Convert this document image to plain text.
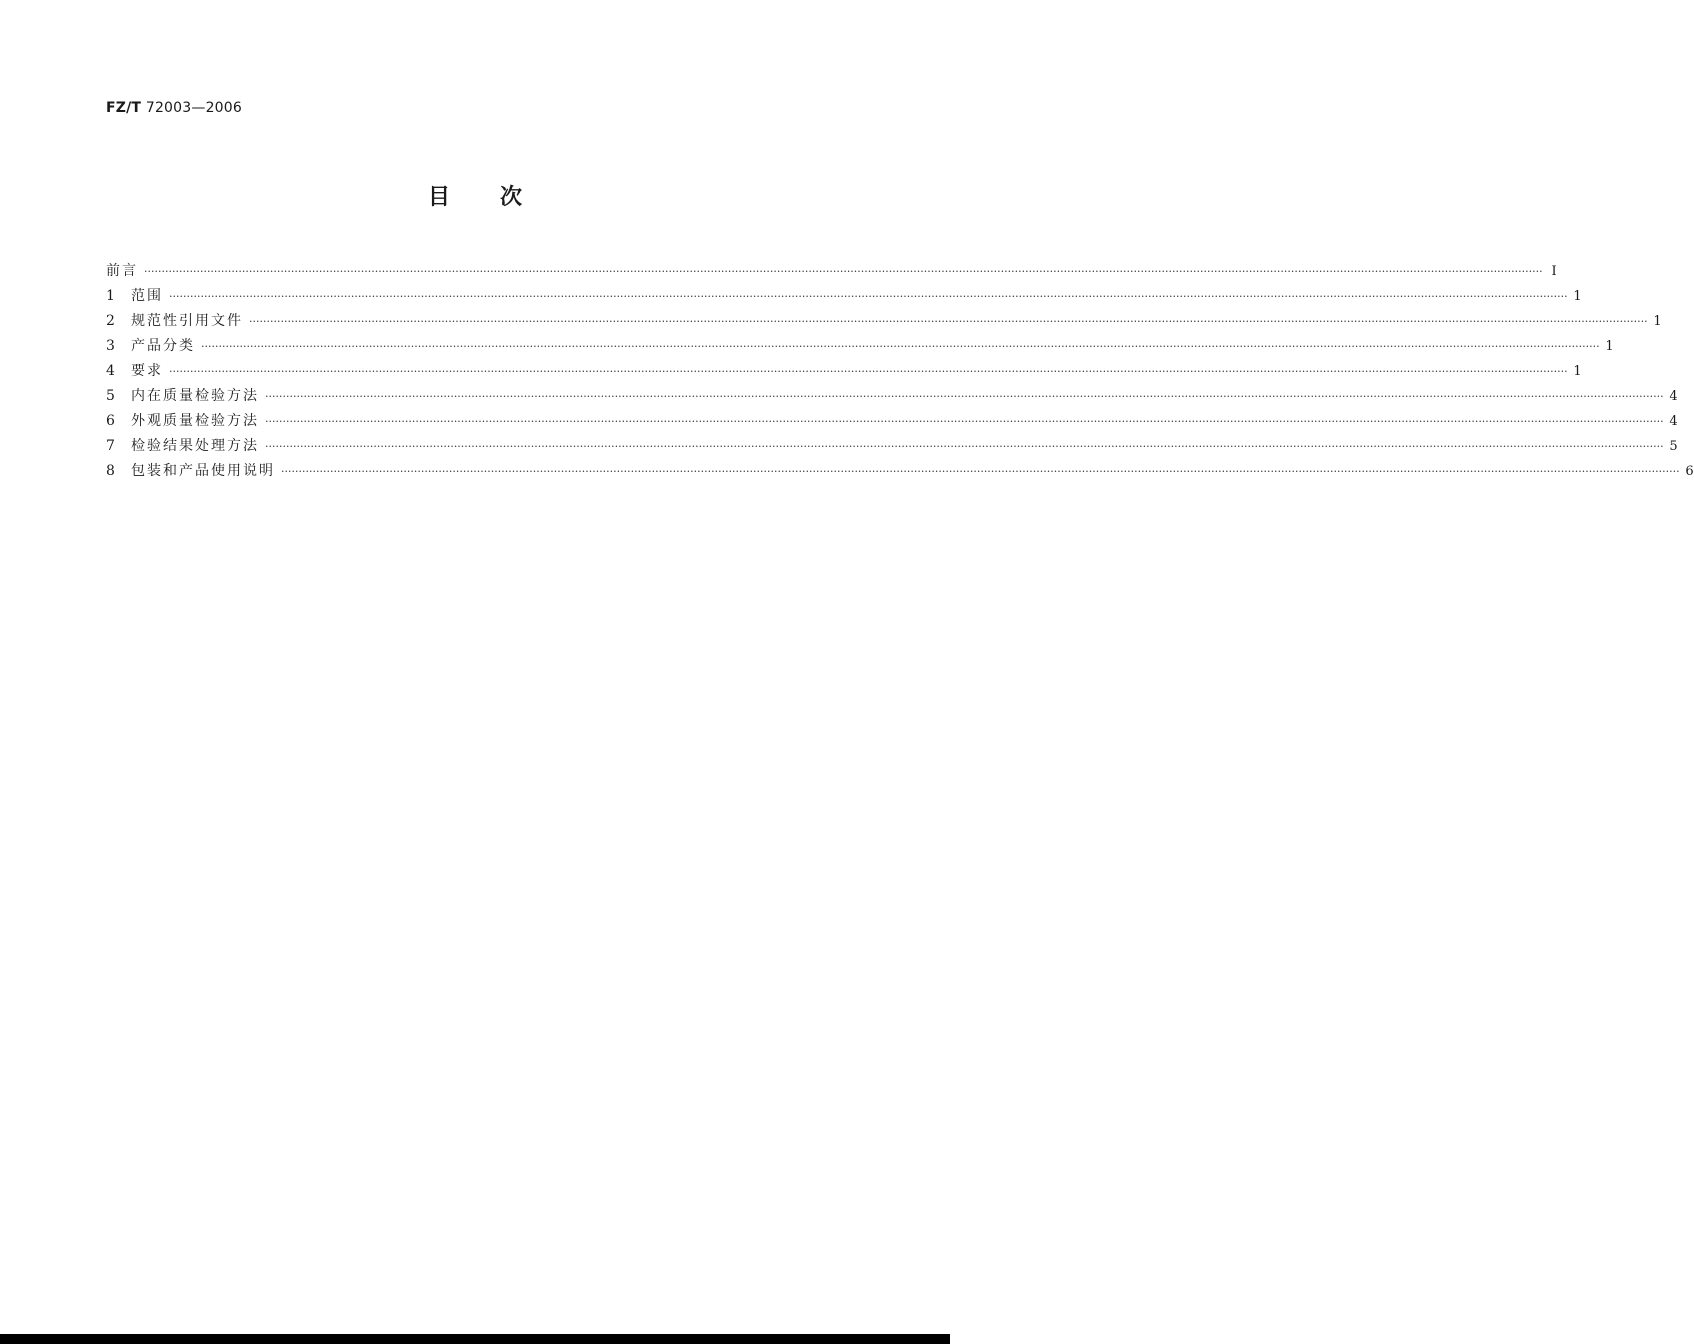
FZ/T 72003—2006
目 次
前言 ················································································································································································································································································································································································································ Ⅰ
1	范围 ················································································································································································································································································································································································································ 1
2	规范性引用文件 ················································································································································································································································································································································································································ 1
3	产品分类 ················································································································································································································································································································································································································ 1
4	要求 ················································································································································································································································································································································································································ 1
5	内在质量检验方法 ················································································································································································································································································································································································································ 4
6	外观质量检验方法 ················································································································································································································································································································································································································ 4
7	检验结果处理方法 ················································································································································································································································································································································································································ 5
8	包装和产品使用说明 ················································································································································································································································································································································································································ 6
